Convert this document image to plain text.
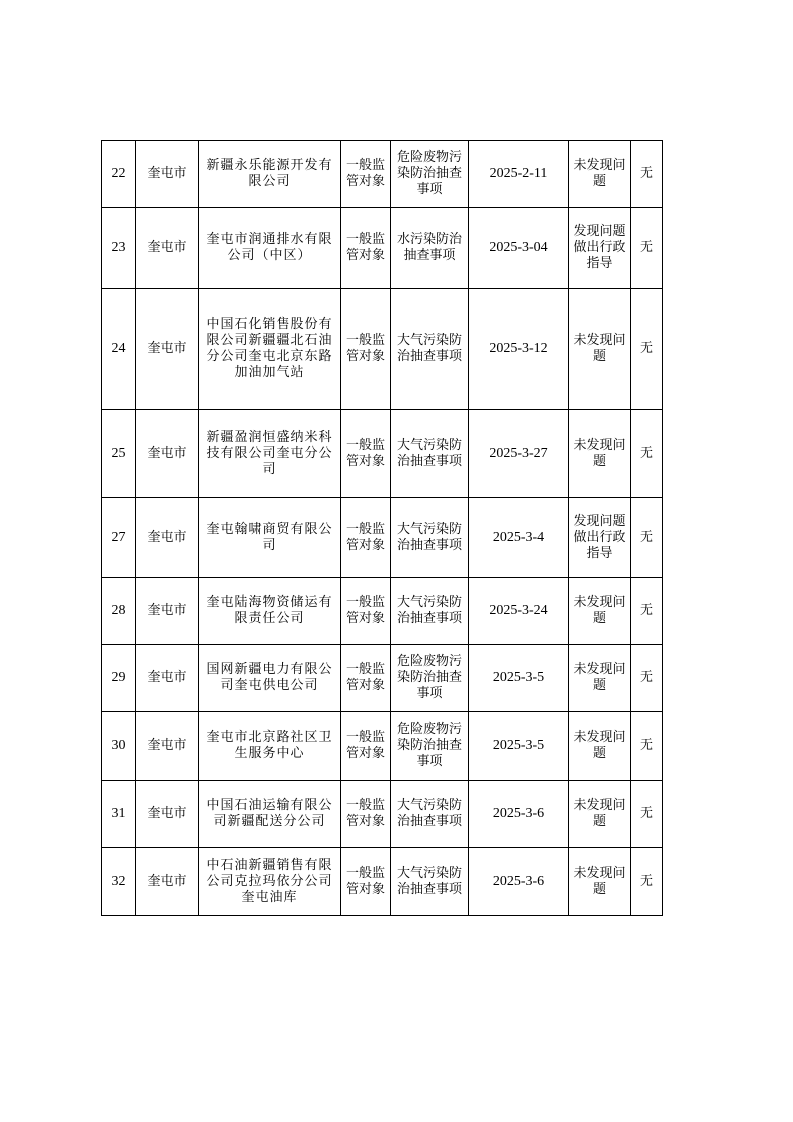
22	奎屯市	新疆永乐能源开发有限公司	一般监管对象	危险废物污染防治抽查事项	2025-2-11	未发现问题	无
23	奎屯市	奎屯市润通排水有限公司（中区）	一般监管对象	水污染防治抽查事项	2025-3-04	发现问题做出行政指导	无
24	奎屯市	中国石化销售股份有限公司新疆疆北石油分公司奎屯北京东路加油加气站	一般监管对象	大气污染防治抽查事项	2025-3-12	未发现问题	无
25	奎屯市	新疆盈润恒盛纳米科技有限公司奎屯分公司	一般监管对象	大气污染防治抽查事项	2025-3-27	未发现问题	无
27	奎屯市	奎屯翰啸商贸有限公司	一般监管对象	大气污染防治抽查事项	2025-3-4	发现问题做出行政指导	无
28	奎屯市	奎屯陆海物资储运有限责任公司	一般监管对象	大气污染防治抽查事项	2025-3-24	未发现问题	无
29	奎屯市	国网新疆电力有限公司奎屯供电公司	一般监管对象	危险废物污染防治抽查事项	2025-3-5	未发现问题	无
30	奎屯市	奎屯市北京路社区卫生服务中心	一般监管对象	危险废物污染防治抽查事项	2025-3-5	未发现问题	无
31	奎屯市	中国石油运输有限公司新疆配送分公司	一般监管对象	大气污染防治抽查事项	2025-3-6	未发现问题	无
32	奎屯市	中石油新疆销售有限公司克拉玛依分公司奎屯油库	一般监管对象	大气污染防治抽查事项	2025-3-6	未发现问题	无
